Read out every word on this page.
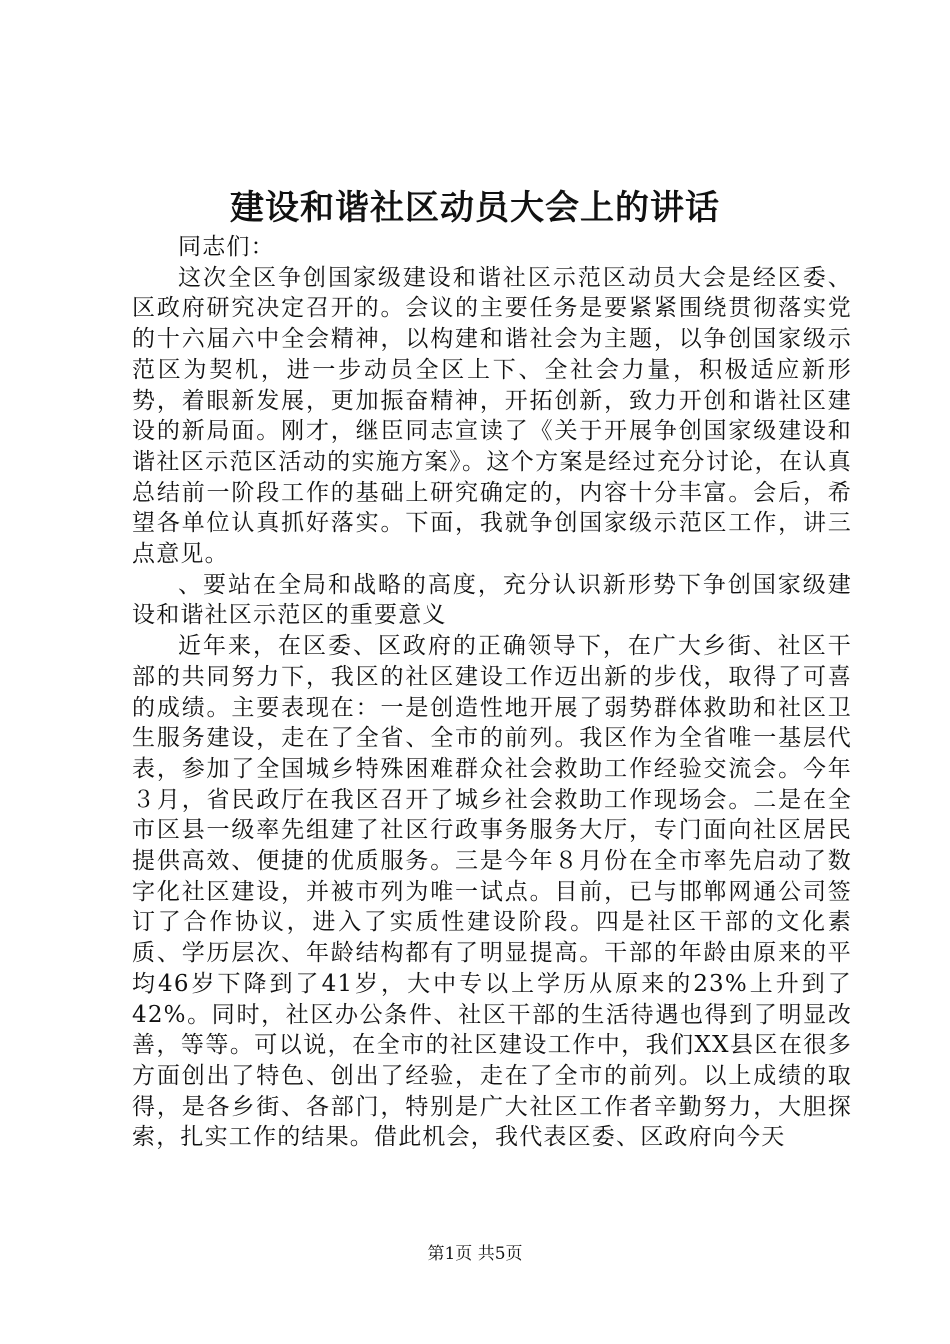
建设和谐社区动员大会上的讲话

同志们：

这次全区争创国家级建设和谐社区示范区动员大会是经区委、区政府研究决定召开的。会议的主要任务是要紧紧围绕贯彻落实党的十六届六中全会精神，以构建和谐社会为主题，以争创国家级示范区为契机，进一步动员全区上下、全社会力量，积极适应新形势，着眼新发展，更加振奋精神，开拓创新，致力开创和谐社区建设的新局面。刚才，继臣同志宣读了《关于开展争创国家级建设和谐社区示范区活动的实施方案》。这个方案是经过充分讨论，在认真总结前一阶段工作的基础上研究确定的，内容十分丰富。会后，希望各单位认真抓好落实。下面，我就争创国家级示范区工作，讲三点意见。

、要站在全局和战略的高度，充分认识新形势下争创国家级建设和谐社区示范区的重要意义

近年来，在区委、区政府的正确领导下，在广大乡街、社区干部的共同努力下，我区的社区建设工作迈出新的步伐，取得了可喜的成绩。主要表现在：一是创造性地开展了弱势群体救助和社区卫生服务建设，走在了全省、全市的前列。我区作为全省唯一基层代表，参加了全国城乡特殊困难群众社会救助工作经验交流会。今年３月，省民政厅在我区召开了城乡社会救助工作现场会。二是在全市区县一级率先组建了社区行政事务服务大厅，专门面向社区居民提供高效、便捷的优质服务。三是今年８月份在全市率先启动了数字化社区建设，并被市列为唯一试点。目前，已与邯郸网通公司签订了合作协议，进入了实质性建设阶段。四是社区干部的文化素质、学历层次、年龄结构都有了明显提高。干部的年龄由原来的平均46岁下降到了41岁，大中专以上学历从原来的23%上升到了42%。同时，社区办公条件、社区干部的生活待遇也得到了明显改善，等等。可以说，在全市的社区建设工作中，我们XX县区在很多方面创出了特色、创出了经验，走在了全市的前列。以上成绩的取得，是各乡街、各部门，特别是广大社区工作者辛勤努力，大胆探索，扎实工作的结果。借此机会，我代表区委、区政府向今天

第1页 共5页
